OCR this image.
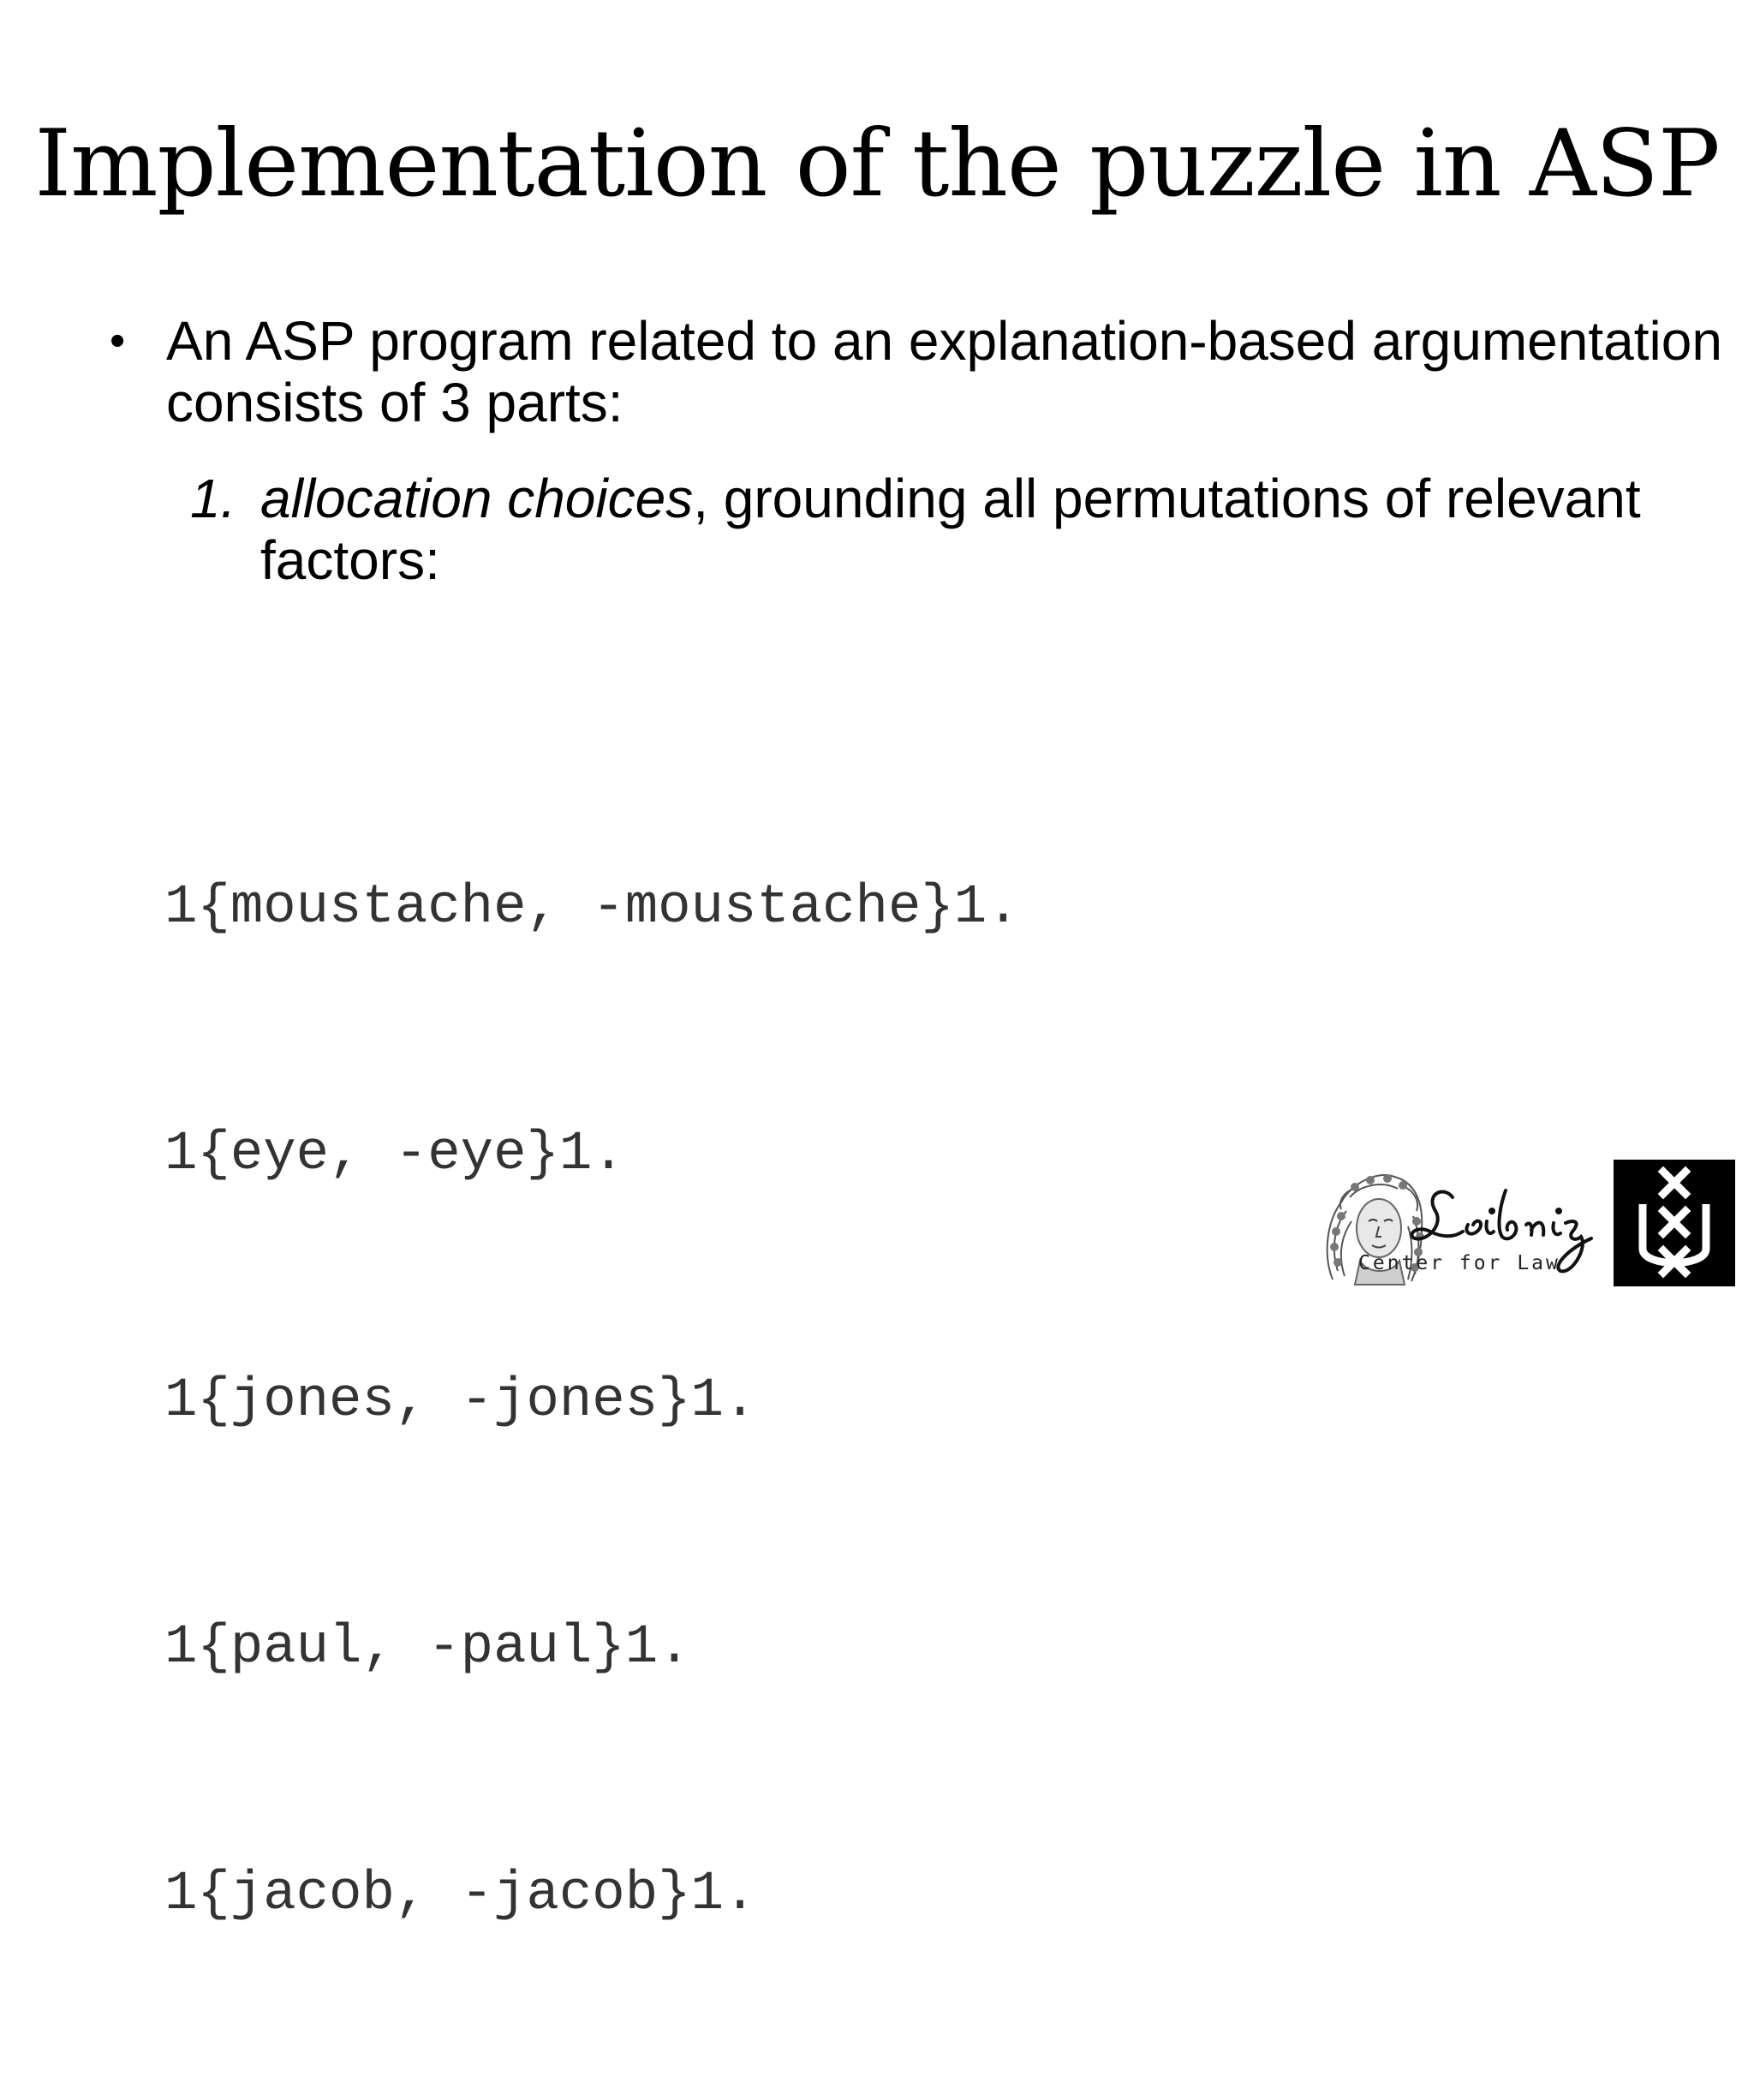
Implementation of the puzzle in ASP
• An ASP program related to an explanation-based argumentation consists of 3 parts:
1. allocation choices, grounding all permutations of relevant factors:

1{moustache, -moustache}1.

1{eye, -eye}1.

1{jones, -jones}1.

1{paul, -paul}1.

1{jacob, -jacob}1.

Center for Law
